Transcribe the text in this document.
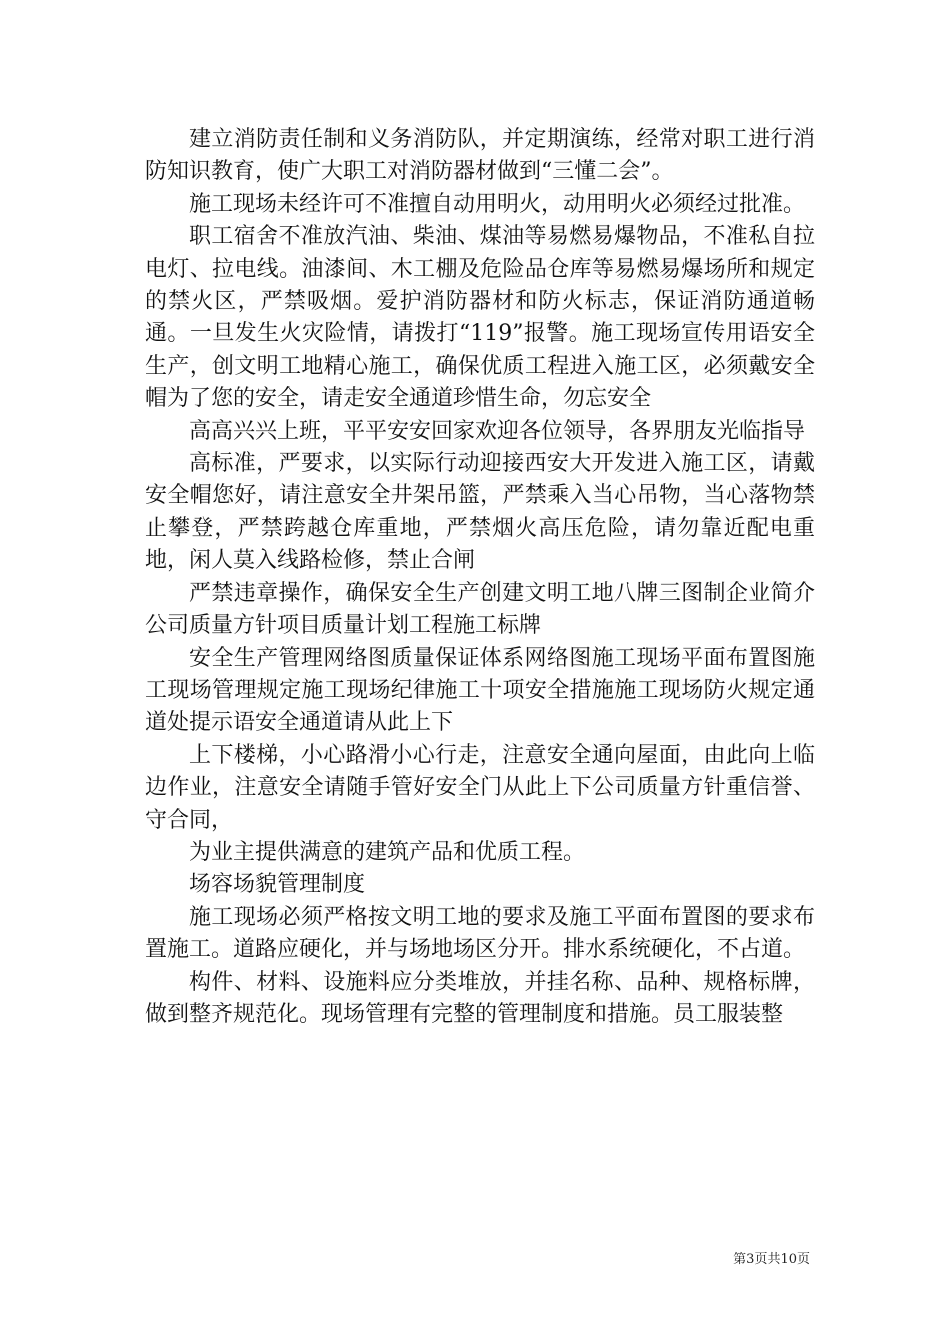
建立消防责任制和义务消防队，并定期演练，经常对职工进行消防知识教育，使广大职工对消防器材做到“三懂二会”。

施工现场未经许可不准擅自动用明火，动用明火必须经过批准。

职工宿舍不准放汽油、柴油、煤油等易燃易爆物品，不准私自拉电灯、拉电线。油漆间、木工棚及危险品仓库等易燃易爆场所和规定的禁火区，严禁吸烟。爱护消防器材和防火标志，保证消防通道畅通。一旦发生火灾险情，请拨打“119”报警。施工现场宣传用语安全生产，创文明工地精心施工，确保优质工程进入施工区，必须戴安全帽为了您的安全，请走安全通道珍惜生命，勿忘安全

高高兴兴上班，平平安安回家欢迎各位领导，各界朋友光临指导

高标准，严要求，以实际行动迎接西安大开发进入施工区，请戴安全帽您好，请注意安全井架吊篮，严禁乘入当心吊物，当心落物禁止攀登，严禁跨越仓库重地，严禁烟火高压危险，请勿靠近配电重地，闲人莫入线路检修，禁止合闸

严禁违章操作，确保安全生产创建文明工地八牌三图制企业简介公司质量方针项目质量计划工程施工标牌

安全生产管理网络图质量保证体系网络图施工现场平面布置图施工现场管理规定施工现场纪律施工十项安全措施施工现场防火规定通道处提示语安全通道请从此上下

上下楼梯，小心路滑小心行走，注意安全通向屋面，由此向上临边作业，注意安全请随手管好安全门从此上下公司质量方针重信誉、守合同，

为业主提供满意的建筑产品和优质工程。

场容场貌管理制度

施工现场必须严格按文明工地的要求及施工平面布置图的要求布置施工。道路应硬化，并与场地场区分开。排水系统硬化，不占道。

构件、材料、设施料应分类堆放，并挂名称、品种、规格标牌，做到整齐规范化。现场管理有完整的管理制度和措施。员工服装整

第3页共10页
